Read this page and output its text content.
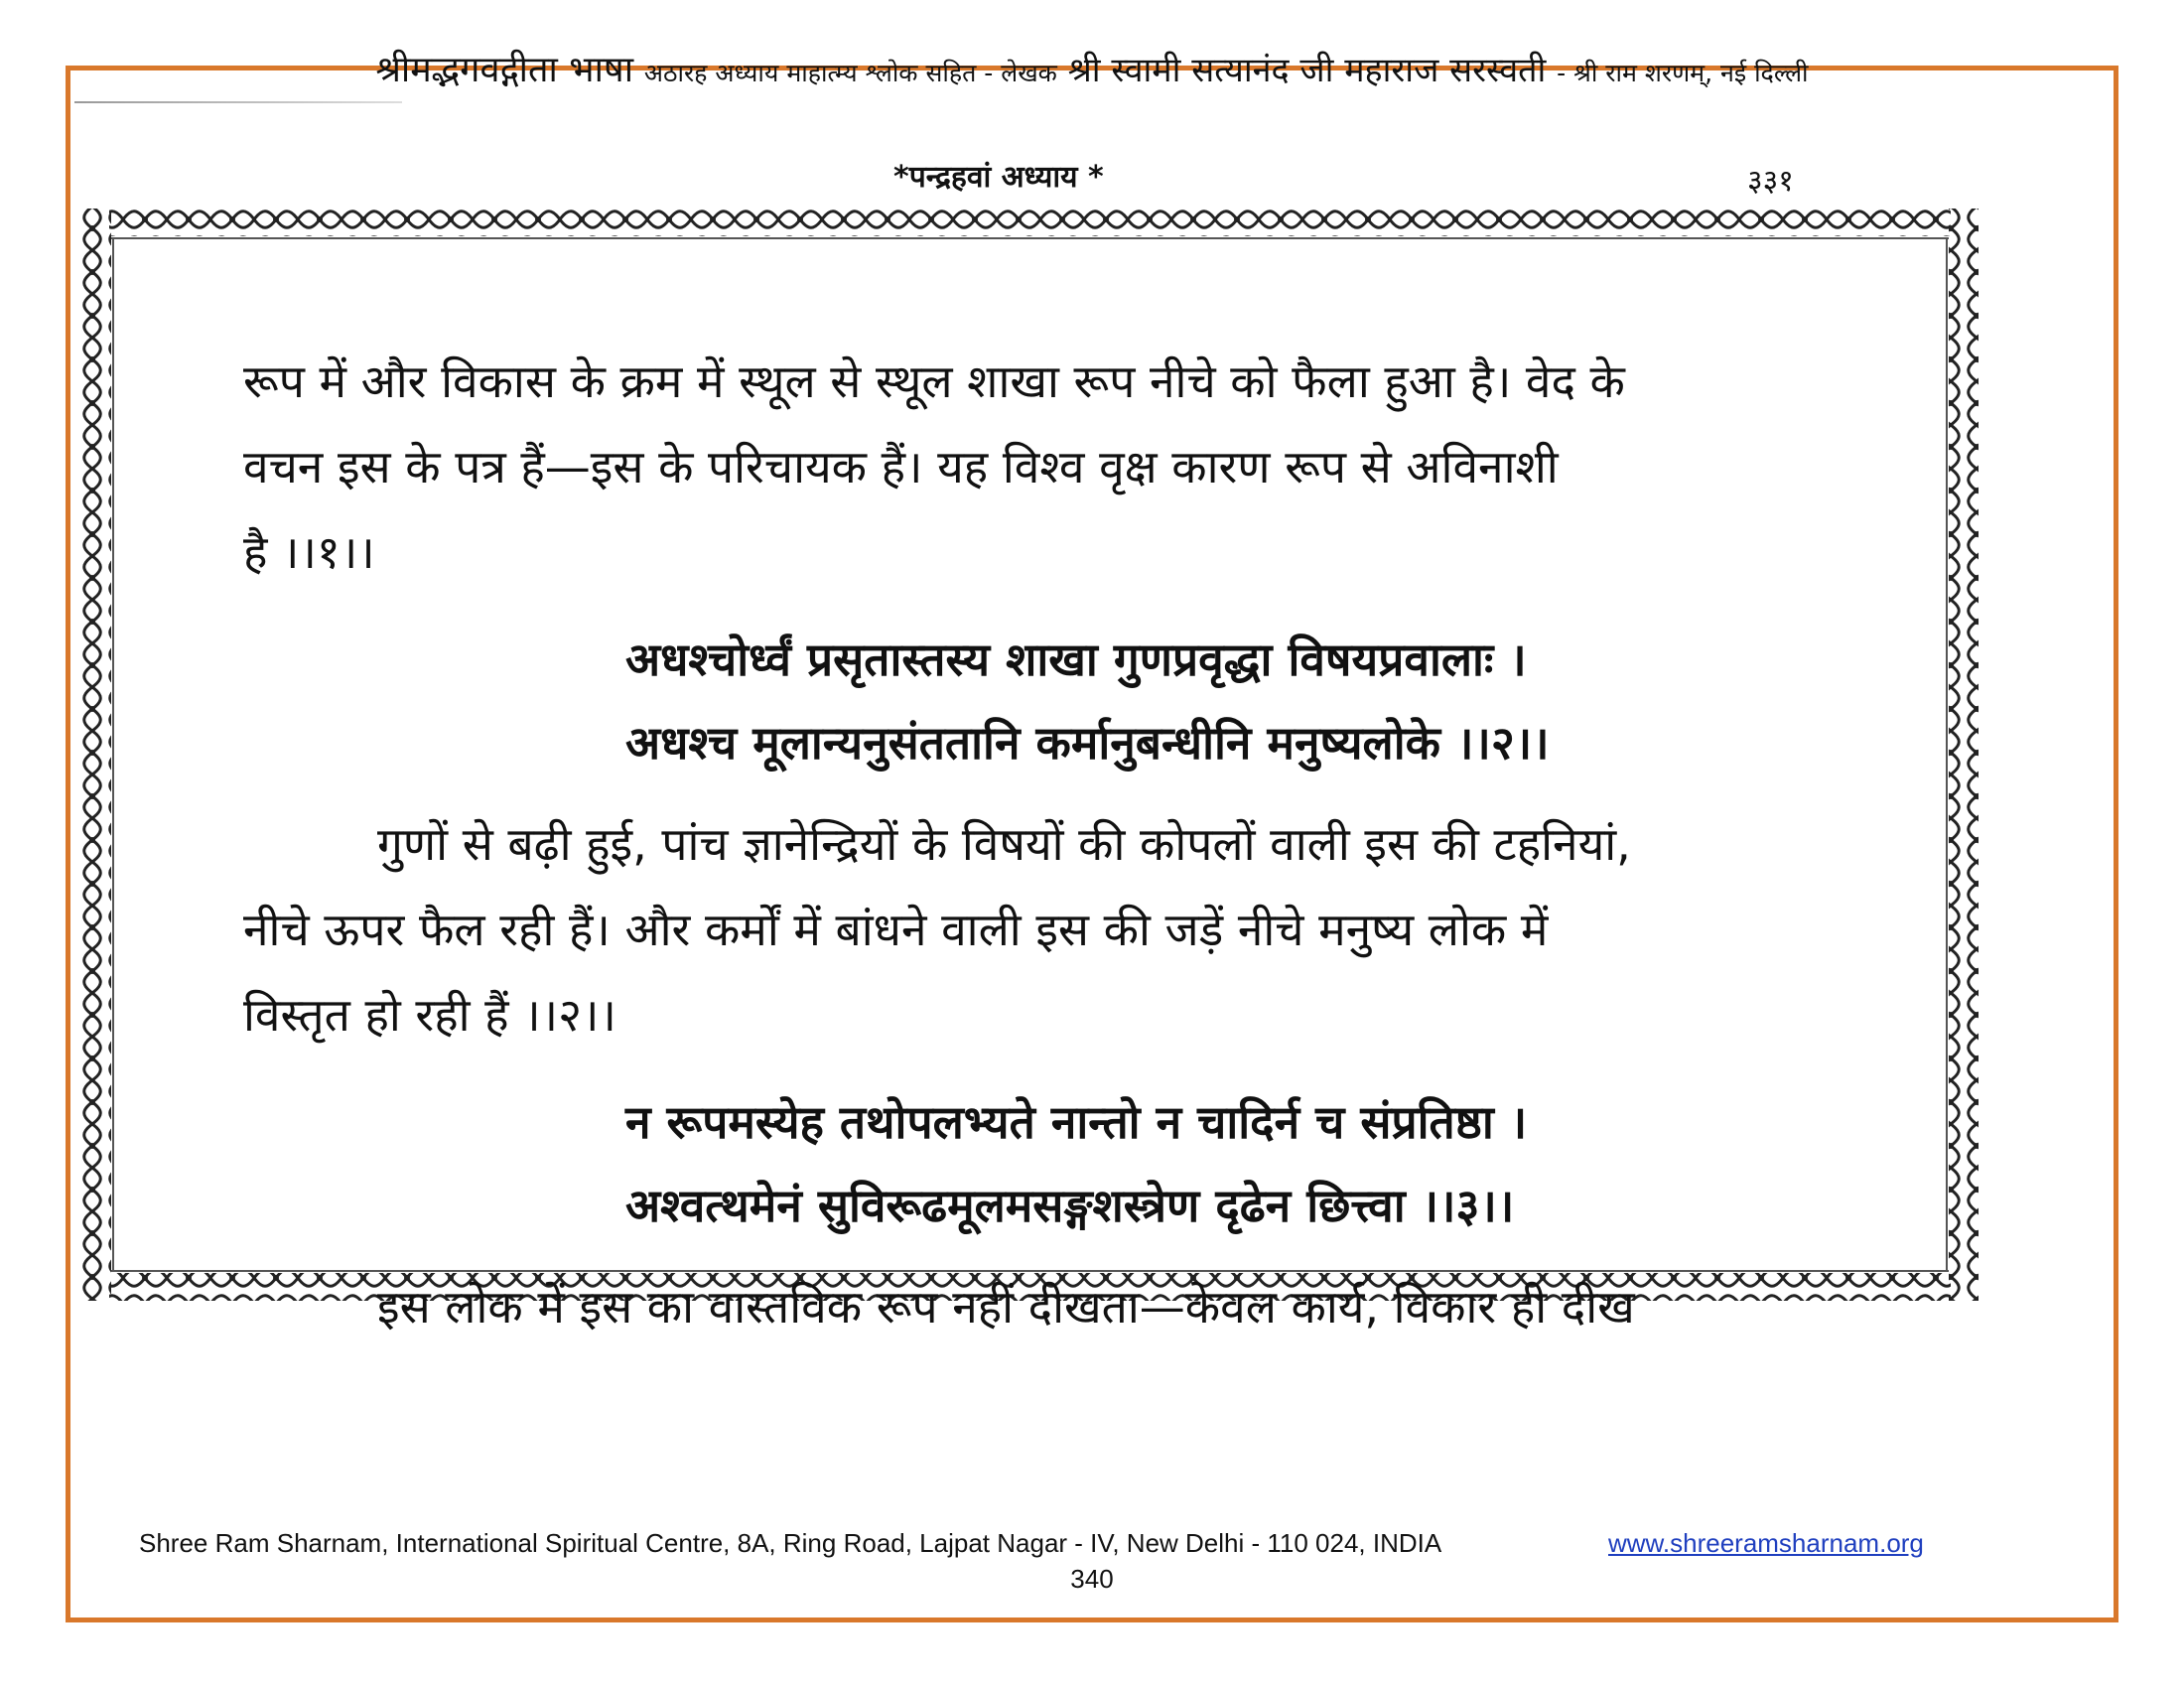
श्रीमद्भगवद्गीता भाषा अठारह अध्याय माहात्म्य श्लोक सहित - लेखक श्री स्वामी सत्यानंद जी महाराज सरस्वती - श्री राम शरणम्, नई दिल्ली
*पन्द्रहवां अध्याय *	३३१
रूप में और विकास के क्रम में स्थूल से स्थूल शाखा रूप नीचे को फैला हुआ है। वेद के
वचन इस के पत्र हैं—इस के परिचायक हैं। यह विश्व वृक्ष कारण रूप से अविनाशी
है ।।१।।
अधश्चोर्ध्वं प्रसृतास्तस्य शाखा गुणप्रवृद्धा विषयप्रवालाः ।
अधश्च मूलान्यनुसंततानि कर्मानुबन्धीनि मनुष्यलोके ।।२।।
गुणों से बढ़ी हुई, पांच ज्ञानेन्द्रियों के विषयों की कोपलों वाली इस की टहनियां,
नीचे ऊपर फैल रही हैं। और कर्मों में बांधने वाली इस की जड़ें नीचे मनुष्य लोक में
विस्तृत हो रही हैं ।।२।।
न रूपमस्येह तथोपलभ्यते नान्तो न चादिर्न च संप्रतिष्ठा ।
अश्वत्थमेनं सुविरूढमूलमसङ्गशस्त्रेण दृढेन छित्त्वा ।।३।।
इस लोक में इस का वास्तविक रूप नहीं दीखता—केवल कार्य, विकार ही दीख
Shree Ram Sharnam, International Spiritual Centre, 8A, Ring Road, Lajpat Nagar - IV, New Delhi - 110 024, INDIA	www.shreeramsharnam.org
340
